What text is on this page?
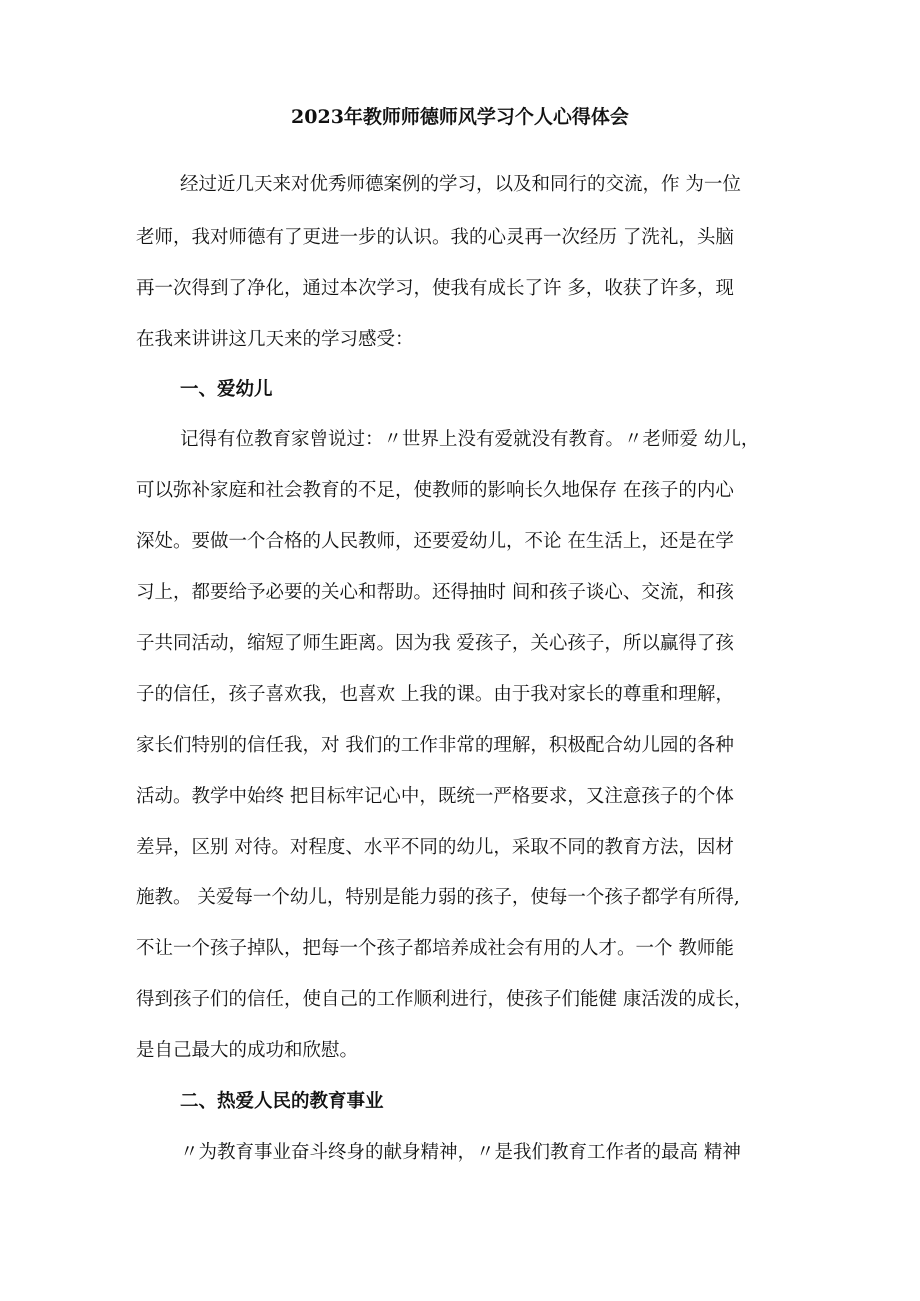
2023年教师师德师风学习个人心得体会

经过近几天来对优秀师德案例的学习，以及和同行的交流，作 为一位

老师，我对师德有了更进一步的认识。我的心灵再一次经历 了洗礼，头脑

再一次得到了净化，通过本次学习，使我有成长了许 多，收获了许多，现

在我来讲讲这几天来的学习感受：

一、爱幼儿

记得有位教育家曾说过：〃世界上没有爱就没有教育。〃老师爱 幼儿，

可以弥补家庭和社会教育的不足，使教师的影响长久地保存 在孩子的内心

深处。要做一个合格的人民教师，还要爱幼儿，不论 在生活上，还是在学

习上，都要给予必要的关心和帮助。还得抽时 间和孩子谈心、交流，和孩

子共同活动，缩短了师生距离。因为我 爱孩子，关心孩子，所以赢得了孩

子的信任，孩子喜欢我，也喜欢 上我的课。由于我对家长的尊重和理解，

家长们特别的信任我，对 我们的工作非常的理解，积极配合幼儿园的各种

活动。教学中始终 把目标牢记心中，既统一严格要求，又注意孩子的个体

差异，区别 对待。对程度、水平不同的幼儿，采取不同的教育方法，因材

施教。 关爱每一个幼儿，特别是能力弱的孩子，使每一个孩子都学有所得,

不让一个孩子掉队，把每一个孩子都培养成社会有用的人才。一个 教师能

得到孩子们的信任，使自己的工作顺利进行，使孩子们能健 康活泼的成长，

是自己最大的成功和欣慰。

二、热爱人民的教育事业

〃为教育事业奋斗终身的献身精神，〃是我们教育工作者的最高 精神
